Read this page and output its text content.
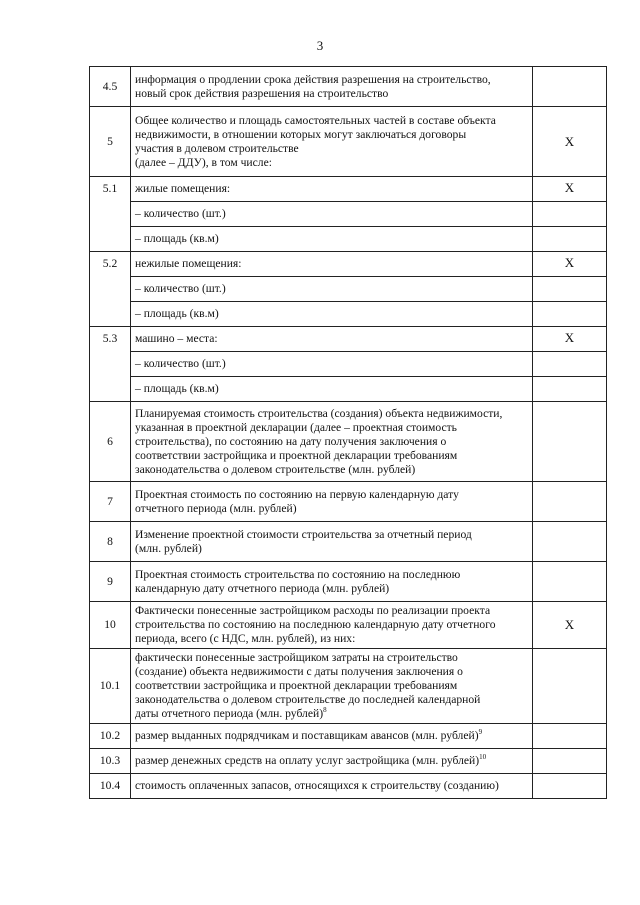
3
4.5	информация о продлении срока действия разрешения на строительство,
новый срок действия разрешения на строительство	
5	Общее количество и площадь самостоятельных частей в составе объекта
недвижимости, в отношении которых могут заключаться договоры
участия в долевом строительстве
(далее – ДДУ), в том числе:	X
5.1	жилые помещения:	X
	– количество (шт.)	
	– площадь (кв.м)	
5.2	нежилые помещения:	X
	– количество (шт.)	
	– площадь (кв.м)	
5.3	машино – места:	X
	– количество (шт.)	
	– площадь (кв.м)	
6	Планируемая стоимость строительства (создания) объекта недвижимости,
указанная в проектной декларации (далее – проектная стоимость
строительства), по состоянию на дату получения заключения о
соответствии застройщика и проектной декларации требованиям
законодательства о долевом строительстве (млн. рублей)	
7	Проектная стоимость по состоянию на первую календарную дату
отчетного периода (млн. рублей)	
8	Изменение проектной стоимости строительства за отчетный период
(млн. рублей)	
9	Проектная стоимость строительства по состоянию на последнюю
календарную дату отчетного периода (млн. рублей)	
10	Фактически понесенные застройщиком расходы по реализации проекта
строительства по состоянию на последнюю календарную дату отчетного
периода, всего (с НДС, млн. рублей), из них:	X
10.1	фактически понесенные застройщиком затраты на строительство
(создание) объекта недвижимости с даты получения заключения о
соответствии застройщика и проектной декларации требованиям
законодательства о долевом строительстве до последней календарной
даты отчетного периода (млн. рублей)$^8$	
10.2	размер выданных подрядчикам и поставщикам авансов (млн. рублей)$^9$	
10.3	размер денежных средств на оплату услуг застройщика (млн. рублей)$^{10}$	
10.4	стоимость оплаченных запасов, относящихся к строительству (созданию)	
